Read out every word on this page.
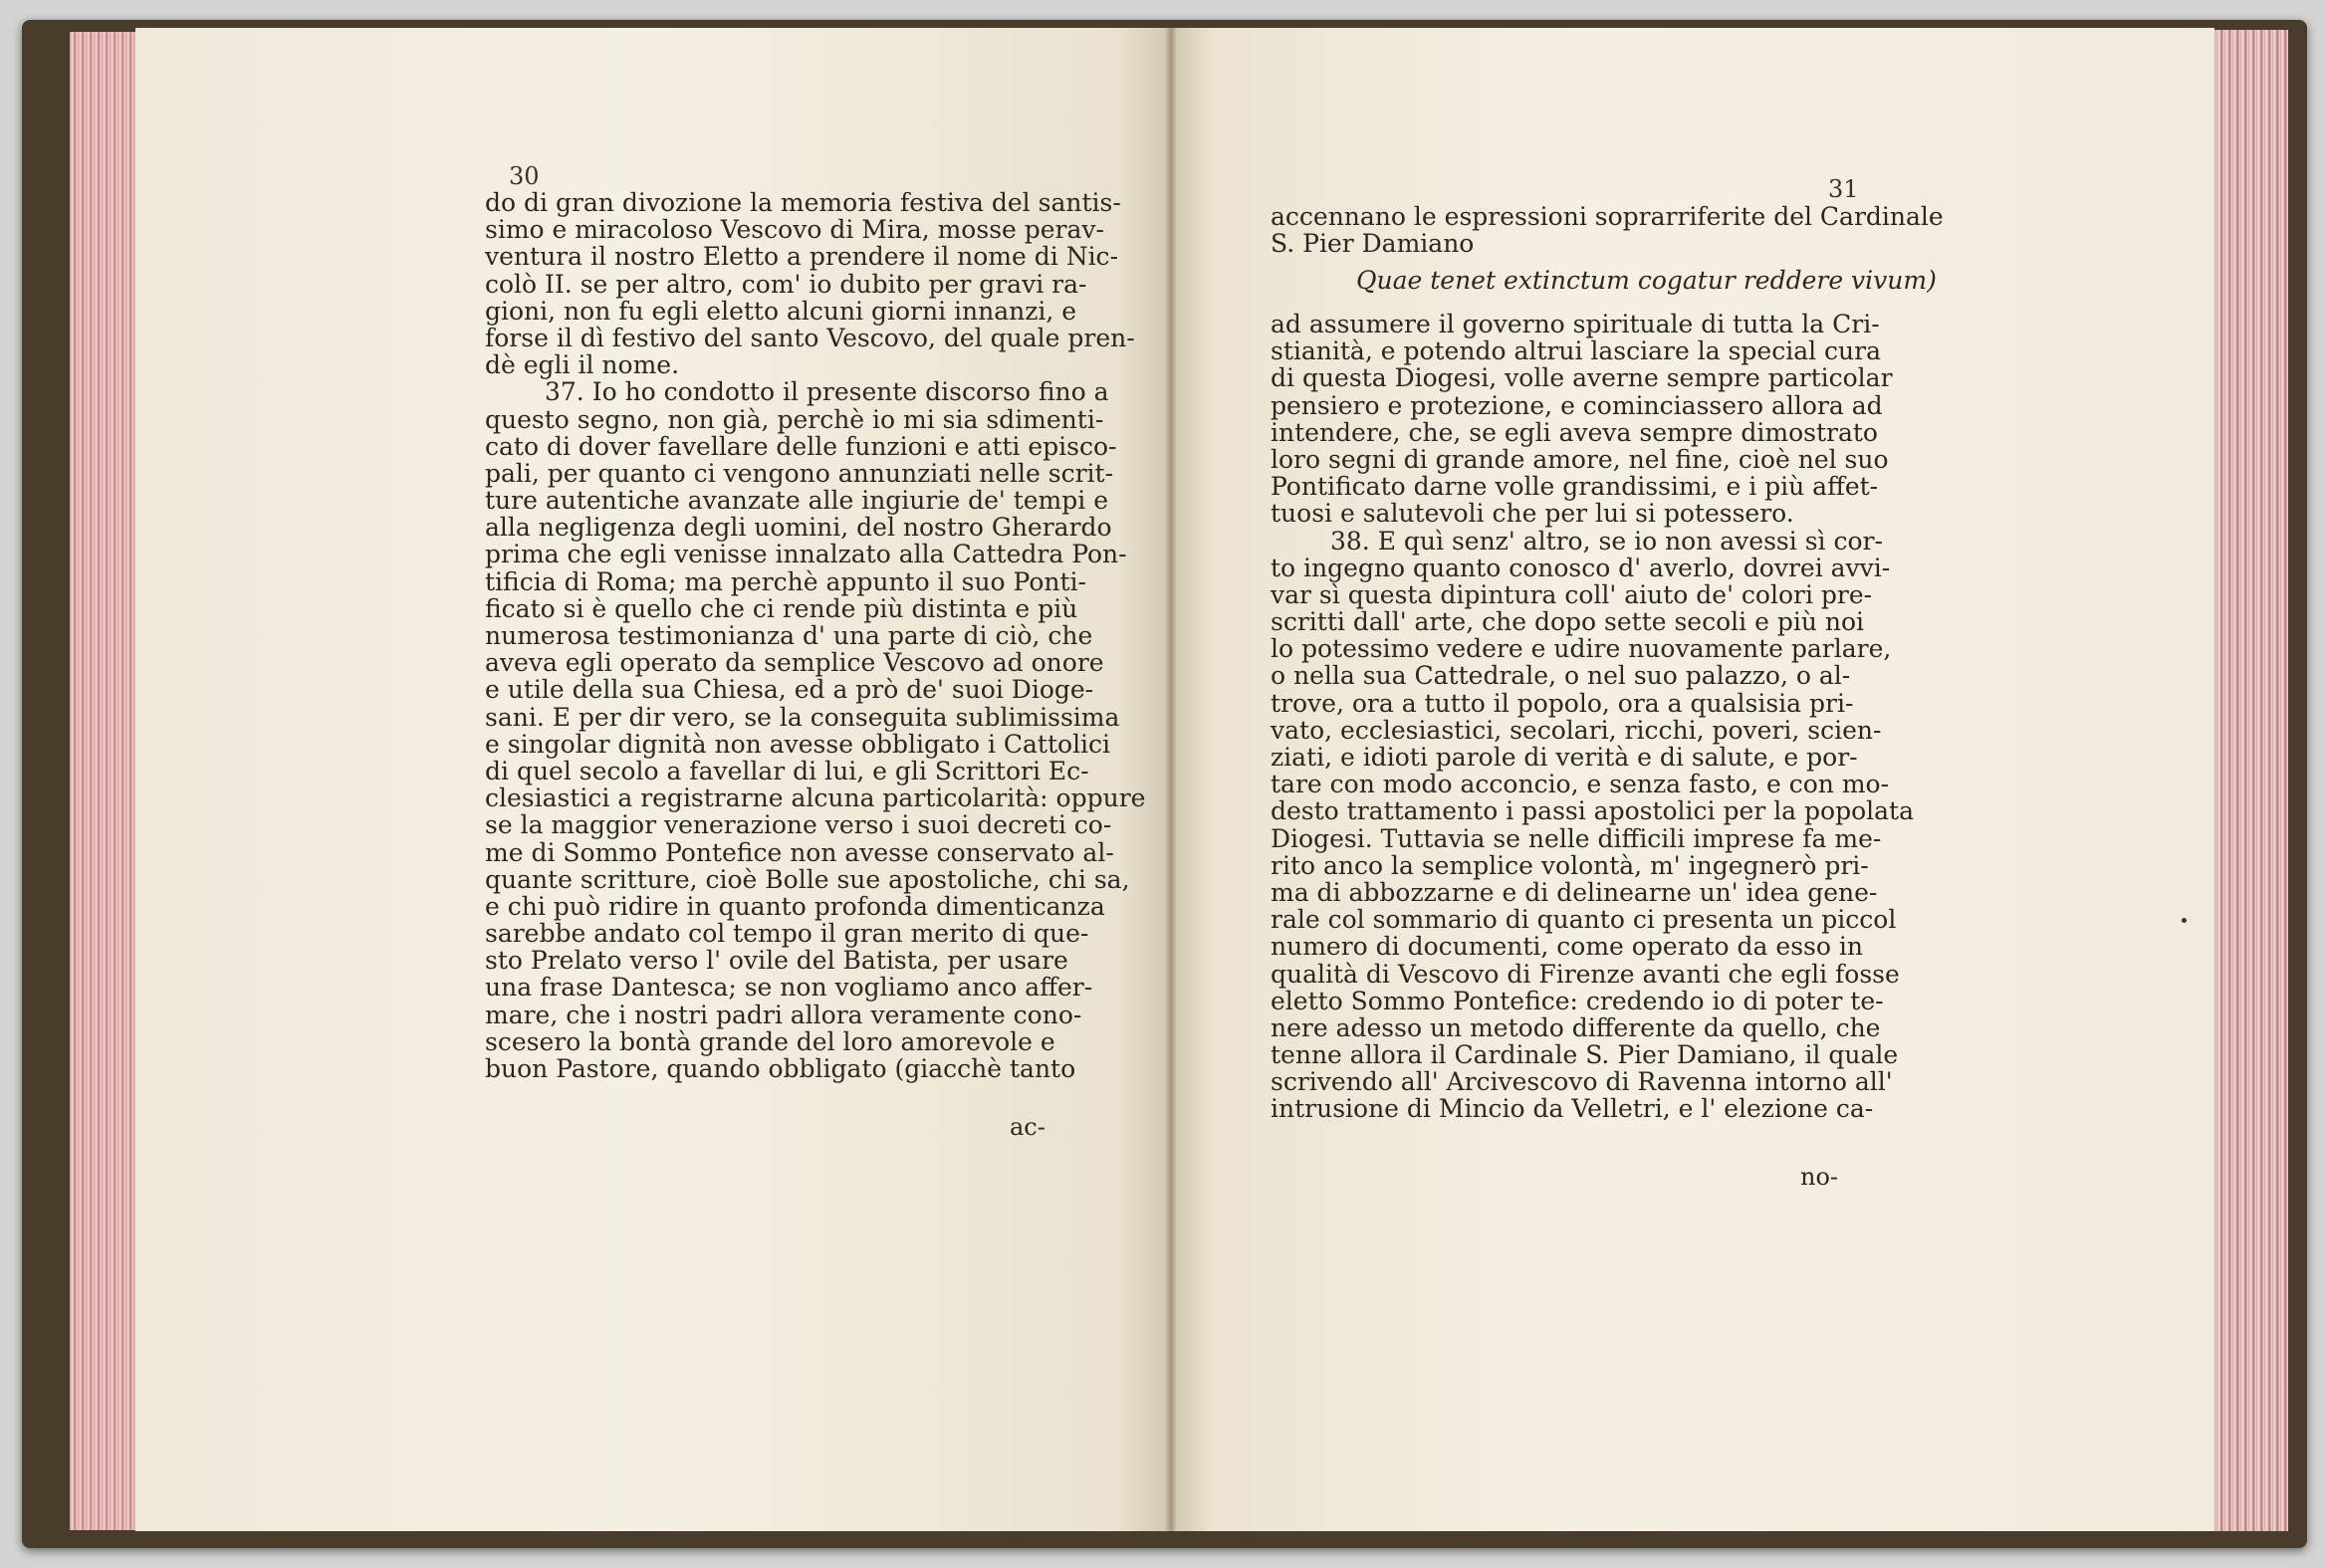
30
do di gran divozione la memoria festiva del santis-
simo e miracoloso Vescovo di Mira, mosse perav-
ventura il nostro Eletto a prendere il nome di Nic-
colò II. se per altro, com' io dubito per gravi ra-
gioni, non fu egli eletto alcuni giorni innanzi, e
forse il dì festivo del santo Vescovo, del quale pren-
dè egli il nome.
37. Io ho condotto il presente discorso fino a
questo segno, non già, perchè io mi sia sdimenti-
cato di dover favellare delle funzioni e atti episco-
pali, per quanto ci vengono annunziati nelle scrit-
ture autentiche avanzate alle ingiurie de' tempi e
alla negligenza degli uomini, del nostro Gherardo
prima che egli venisse innalzato alla Cattedra Pon-
tificia di Roma; ma perchè appunto il suo Ponti-
ficato si è quello che ci rende più distinta e più
numerosa testimonianza d' una parte di ciò, che
aveva egli operato da semplice Vescovo ad onore
e utile della sua Chiesa, ed a prò de' suoi Dioge-
sani. E per dir vero, se la conseguita sublimissima
e singolar dignità non avesse obbligato i Cattolici
di quel secolo a favellar di lui, e gli Scrittori Ec-
clesiastici a registrarne alcuna particolarità: oppure
se la maggior venerazione verso i suoi decreti co-
me di Sommo Pontefice non avesse conservato al-
quante scritture, cioè Bolle sue apostoliche, chi sa,
e chi può ridire in quanto profonda dimenticanza
sarebbe andato col tempo il gran merito di que-
sto Prelato verso l' ovile del Batista, per usare
una frase Dantesca; se non vogliamo anco affer-
mare, che i nostri padri allora veramente cono-
scesero la bontà grande del loro amorevole e
buon Pastore, quando obbligato (giacchè tanto
ac-
31
accennano le espressioni soprarriferite del Cardinale
S. Pier Damiano
Quae tenet extinctum cogatur reddere vivum)
ad assumere il governo spirituale di tutta la Cri-
stianità, e potendo altrui lasciare la special cura
di questa Diogesi, volle averne sempre particolar
pensiero e protezione, e cominciassero allora ad
intendere, che, se egli aveva sempre dimostrato
loro segni di grande amore, nel fine, cioè nel suo
Pontificato darne volle grandissimi, e i più affet-
tuosi e salutevoli che per lui si potessero.
38. E quì senz' altro, se io non avessi sì cor-
to ingegno quanto conosco d' averlo, dovrei avvi-
var sì questa dipintura coll' aiuto de' colori pre-
scritti dall' arte, che dopo sette secoli e più noi
lo potessimo vedere e udire nuovamente parlare,
o nella sua Cattedrale, o nel suo palazzo, o al-
trove, ora a tutto il popolo, ora a qualsisia pri-
vato, ecclesiastici, secolari, ricchi, poveri, scien-
ziati, e idioti parole di verità e di salute, e por-
tare con modo acconcio, e senza fasto, e con mo-
desto trattamento i passi apostolici per la popolata
Diogesi. Tuttavia se nelle difficili imprese fa me-
rito anco la semplice volontà, m' ingegnerò pri-
ma di abbozzarne e di delinearne un' idea gene-
rale col sommario di quanto ci presenta un piccol
numero di documenti, come operato da esso in
qualità di Vescovo di Firenze avanti che egli fosse
eletto Sommo Pontefice: credendo io di poter te-
nere adesso un metodo differente da quello, che
tenne allora il Cardinale S. Pier Damiano, il quale
scrivendo all' Arcivescovo di Ravenna intorno all'
intrusione di Mincio da Velletri, e l' elezione ca-
no-
